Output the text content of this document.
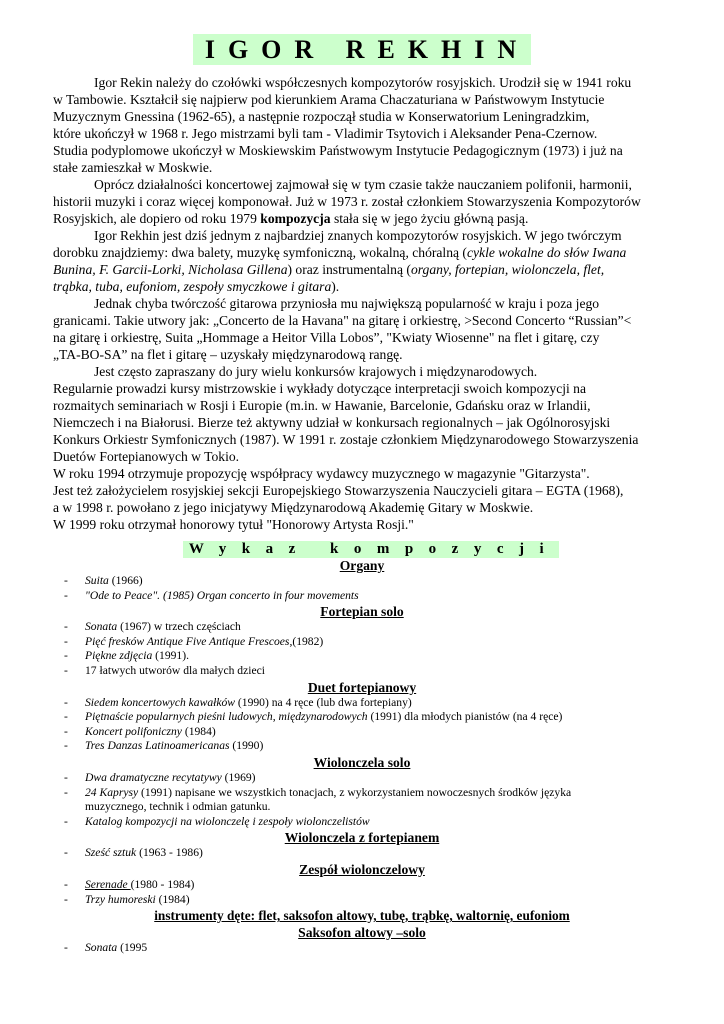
IGOR REKHIN

Igor Rekin należy do czołówki współczesnych kompozytorów rosyjskich. Urodził się w 1941 roku

w Tambowie. Kształcił się najpierw pod kierunkiem Arama Chaczaturiana w Państwowym Instytucie

Muzycznym Gnessina (1962-65), a następnie rozpoczął studia w Konserwatorium Leningradzkim,

które ukończył w 1968 r. Jego mistrzami byli tam - Vladimir Tsytovich i Aleksander Pena-Czernow.

Studia podyplomowe ukończył w Moskiewskim Państwowym Instytucie Pedagogicznym (1973) i już na

stałe zamieszkał w Moskwie.

Oprócz działalności koncertowej zajmował się w tym czasie także nauczaniem polifonii, harmonii,

historii muzyki i coraz więcej komponował. Już w 1973 r. został członkiem Stowarzyszenia Kompozytorów

Rosyjskich, ale dopiero od roku 1979 kompozycja stała się w jego życiu główną pasją.

Igor Rekhin jest dziś jednym z najbardziej znanych kompozytorów rosyjskich. W jego twórczym

dorobku znajdziemy: dwa balety, muzykę symfoniczną, wokalną, chóralną (cykle wokalne do słów Iwana

Bunina, F. Garcii-Lorki, Nicholasa Gillena) oraz instrumentalną (organy, fortepian, wiolonczela, flet,

trąbka, tuba, eufoniom, zespoły smyczkowe i gitara).

Jednak chyba twórczość gitarowa przyniosła mu największą popularność w kraju i poza jego

granicami. Takie utwory jak: „Concerto de la Havana" na gitarę i orkiestrę, >Second Concerto “Russian”<

na gitarę i orkiestrę, Suita „Hommage a Heitor Villa Lobos”, "Kwiaty Wiosenne" na flet i gitarę, czy

„TA-BO-SA” na flet i gitarę – uzyskały międzynarodową rangę.

Jest często zapraszany do jury wielu konkursów krajowych i międzynarodowych.

Regularnie prowadzi kursy mistrzowskie i wykłady dotyczące interpretacji swoich kompozycji na

rozmaitych seminariach w Rosji i Europie (m.in. w Hawanie, Barcelonie, Gdańsku oraz w Irlandii,

Niemczech i na Białorusi. Bierze też aktywny udział w konkursach regionalnych – jak Ogólnorosyjski

Konkurs Orkiestr Symfonicznych (1987). W 1991 r. zostaje członkiem Międzynarodowego Stowarzyszenia

Duetów Fortepianowych w Tokio.

W roku 1994 otrzymuje propozycję współpracy wydawcy muzycznego w magazynie "Gitarzysta".

Jest też założycielem rosyjskiej sekcji Europejskiego Stowarzyszenia Nauczycieli gitara – EGTA (1968),

a w 1998 r. powołano z jego inicjatywy Międzynarodową Akademię Gitary w Moskwie.

W 1999 roku otrzymał honorowy tytuł "Honorowy Artysta Rosji."

Wykaz kompozycji
Organy
- Suita (1966)
- "Ode to Peace". (1985) Organ concerto in four movements
Fortepian solo
- Sonata (1967) w trzech częściach
- Pięć fresków Antique Five Antique Frescoes,(1982)
- Piękne zdjęcia (1991).
- 17 łatwych utworów dla małych dzieci
Duet fortepianowy
- Siedem koncertowych kawałków (1990) na 4 ręce (lub dwa fortepiany)
- Piętnaście popularnych pieśni ludowych, międzynarodowych (1991) dla młodych pianistów (na 4 ręce)
- Koncert polifoniczny (1984)
- Tres Danzas Latinoamericanas (1990)
Wiolonczela solo
- Dwa dramatyczne recytatywy (1969)
- 24 Kaprysy (1991) napisane we wszystkich tonacjach, z wykorzystaniem nowoczesnych środków języka muzycznego, technik i odmian gatunku.
- Katalog kompozycji na wiolonczelę i zespoły wiolonczelistów
Wiolonczela z fortepianem
- Sześć sztuk (1963 - 1986)
Zespół wiolonczelowy
- Serenade (1980 - 1984)
- Trzy humoreski (1984)
instrumenty dęte: flet, saksofon altowy, tubę, trąbkę, waltornię, eufoniom
Saksofon altowy –solo
- Sonata (1995
